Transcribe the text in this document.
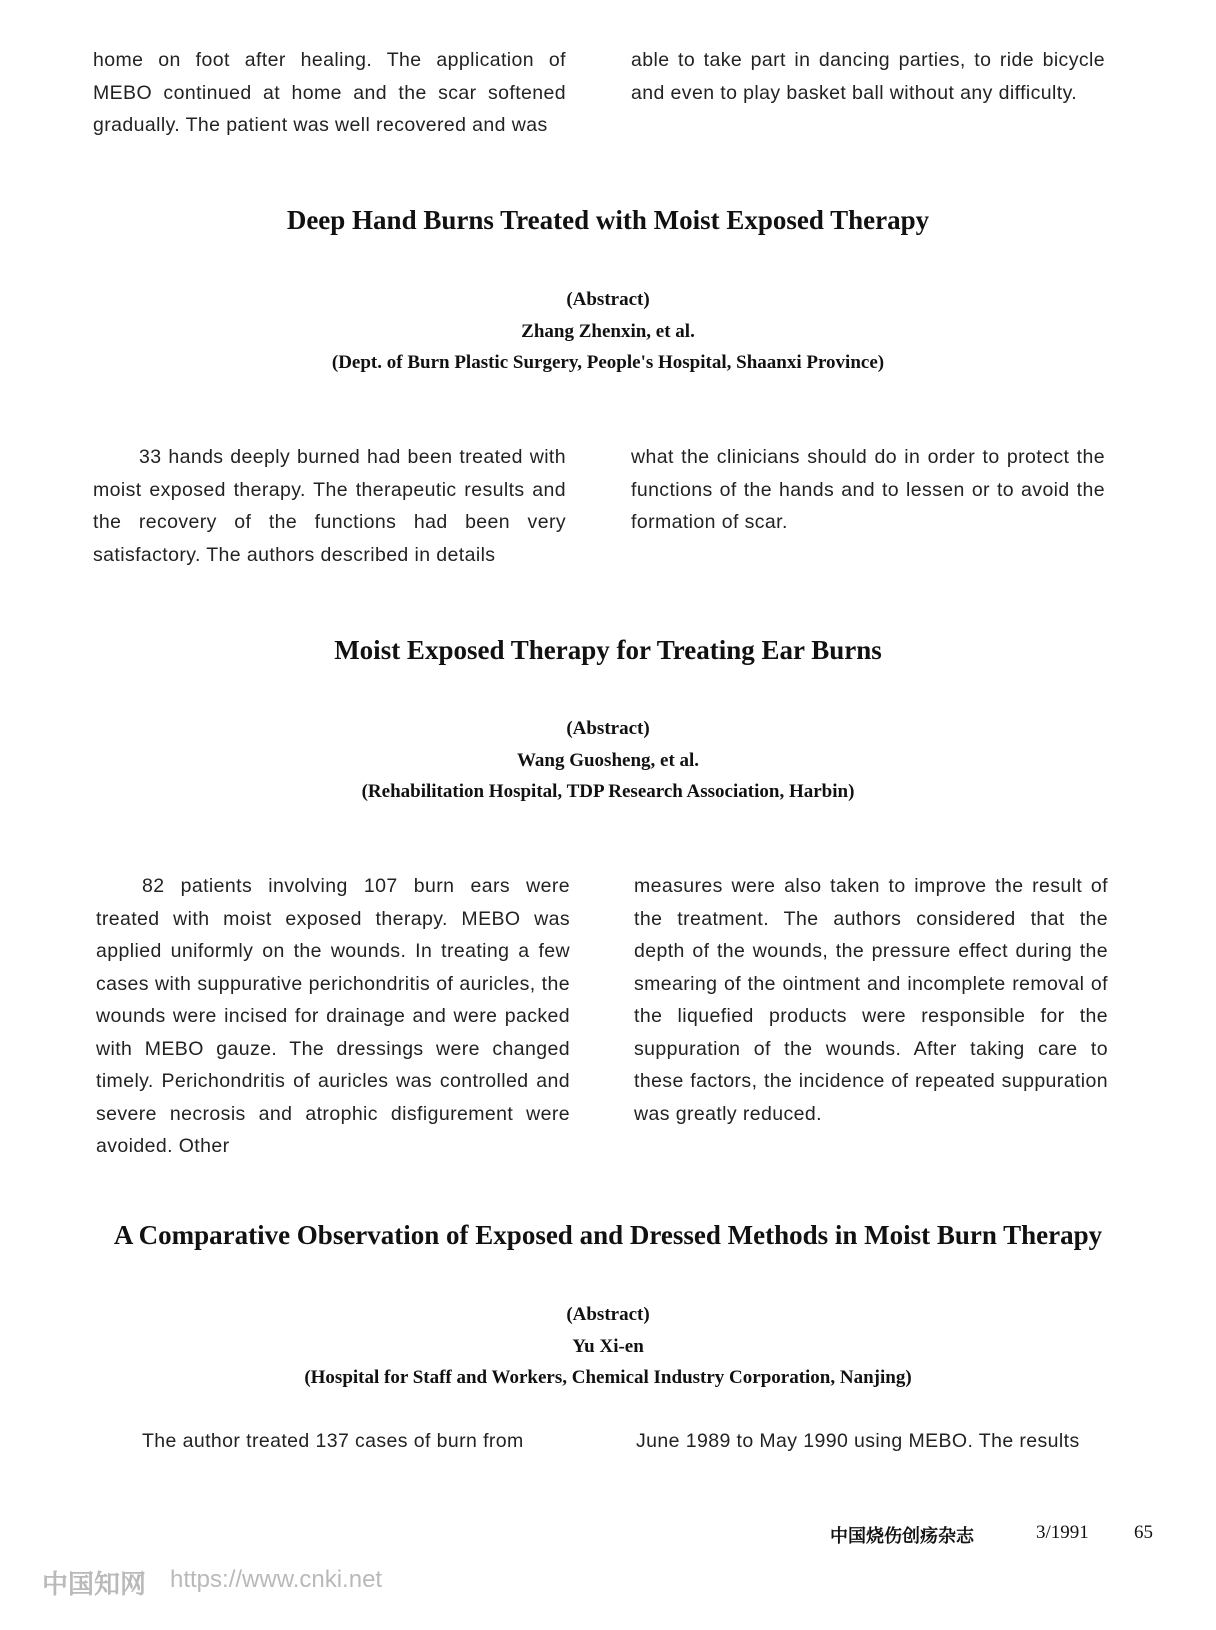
home on foot after healing. The application of MEBO continued at home and the scar softened gradually. The patient was well recovered and was

able to take part in dancing parties, to ride bicycle and even to play basket ball without any difficulty.

Deep Hand Burns Treated with Moist Exposed Therapy

(Abstract)

Zhang Zhenxin, et al.

(Dept. of Burn Plastic Surgery, People's Hospital, Shaanxi Province)

33 hands deeply burned had been treated with moist exposed therapy. The therapeutic results and the recovery of the functions had been very satisfactory. The authors described in details

what the clinicians should do in order to protect the functions of the hands and to lessen or to avoid the formation of scar.

Moist Exposed Therapy for Treating Ear Burns

(Abstract)

Wang Guosheng, et al.

(Rehabilitation Hospital, TDP Research Association, Harbin)

82 patients involving 107 burn ears were treated with moist exposed therapy. MEBO was applied uniformly on the wounds. In treating a few cases with suppurative perichondritis of auricles, the wounds were incised for drainage and were packed with MEBO gauze. The dressings were changed timely. Perichondritis of auricles was controlled and severe necrosis and atrophic disfigurement were avoided. Other

measures were also taken to improve the result of the treatment. The authors considered that the depth of the wounds, the pressure effect during the smearing of the ointment and incomplete removal of the liquefied products were responsible for the suppuration of the wounds. After taking care to these factors, the incidence of repeated suppuration was greatly reduced.

A Comparative Observation of Exposed and Dressed Methods in Moist Burn Therapy

(Abstract)

Yu Xi-en

(Hospital for Staff and Workers, Chemical Industry Corporation, Nanjing)

The author treated 137 cases of burn from	June 1989 to May 1990 using MEBO. The results

中国烧伤创疡杂志	3/1991 65
中国知网 https://www.cnki.net
